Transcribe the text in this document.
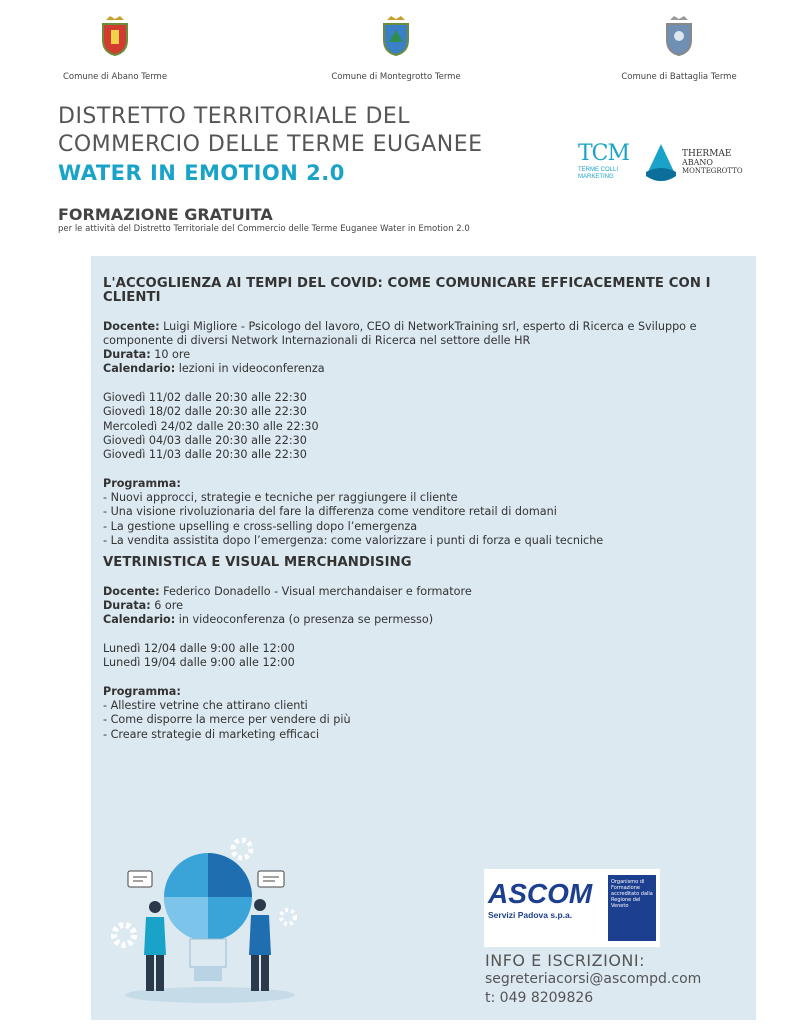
Comune di Abano Terme	Comune di Montegrotto Terme	Comune di Battaglia Terme
DISTRETTO TERRITORIALE DEL
COMMERCIO DELLE TERME EUGANEE
WATER IN EMOTION 2.0
TCM
TERME COLLI
MARKETING
THERMAE
ABANO
MONTEGROTTO
FORMAZIONE GRATUITA
per le attività del Distretto Territoriale del Commercio delle Terme Euganee Water in Emotion 2.0
L'ACCOGLIENZA AI TEMPI DEL COVID: COME COMUNICARE EFFICACEMENTE CON I CLIENTI
Docente: Luigi Migliore - Psicologo del lavoro, CEO di NetworkTraining srl, esperto di Ricerca e Sviluppo e componente di diversi Network Internazionali di Ricerca nel settore delle HR
Durata: 10 ore
Calendario: lezioni in videoconferenza
Giovedì 11/02 dalle 20:30 alle 22:30
Giovedì 18/02 dalle 20:30 alle 22:30
Mercoledì 24/02 dalle 20:30 alle 22:30
Giovedì 04/03 dalle 20:30 alle 22:30
Giovedì 11/03 dalle 20:30 alle 22:30
Programma:
- Nuovi approcci, strategie e tecniche per raggiungere il cliente
- Una visione rivoluzionaria del fare la differenza come venditore retail di domani
- La gestione upselling e cross-selling dopo l’emergenza
- La vendita assistita dopo l’emergenza: come valorizzare i punti di forza e quali tecniche
VETRINISTICA E VISUAL MERCHANDISING
Docente: Federico Donadello - Visual merchandaiser e formatore
Durata: 6 ore
Calendario: in videoconferenza (o presenza se permesso)
Lunedì 12/04 dalle 9:00 alle 12:00
Lunedì 19/04 dalle 9:00 alle 12:00
Programma:
- Allestire vetrine che attirano clienti
- Come disporre la merce per vendere di più
- Creare strategie di marketing efficaci
ASCOM
Servizi Padova s.p.a.
Organismo di Formazione accreditato dalla Regione del Veneto
INFO E ISCRIZIONI:
segreteriacorsi@ascompd.com
t: 049 8209826
